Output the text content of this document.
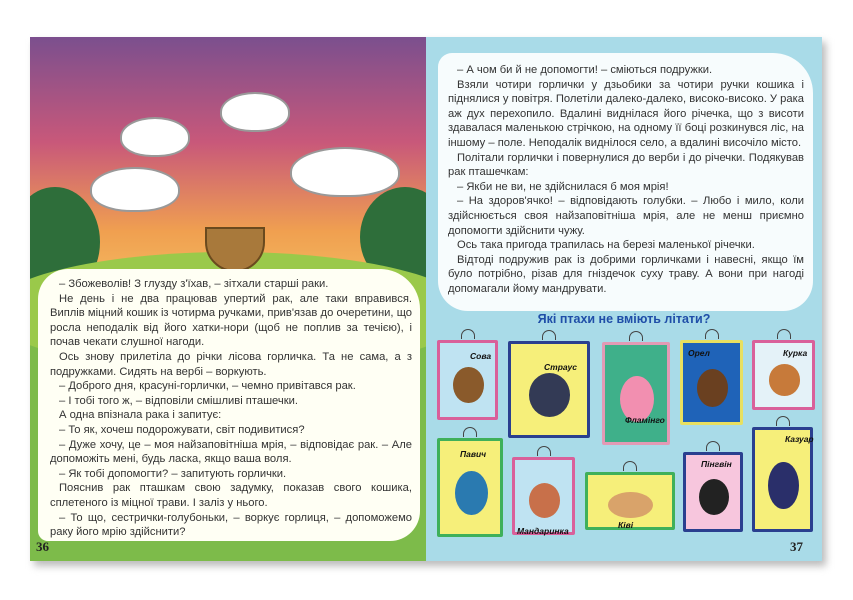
– Збожеволів! З глузду з'їхав, – зітхали старші раки.

Не день і не два працював упертий рак, але таки вправився. Виплів міцний кошик із чотирма ручками, прив'язав до очеретини, що росла неподалік від його хатки-нори (щоб не поплив за течією), і почав чекати слушної нагоди.

Ось знову прилетіла до річки лісова горличка. Та не сама, а з подружками. Сидять на вербі – воркують.

– Доброго дня, красуні-горлички, – чемно привітався рак.

– І тобі того ж, – відповіли смішливі пташечки.

А одна впізнала рака і запитує:

– То як, хочеш подорожувати, світ подивитися?

– Дуже хочу, це – моя найзаповітніша мрія, – відповідає рак. – Але допоможіть мені, будь ласка, якщо ваша воля.

– Як тобі допомогти? – запитують горлички.

Пояснив рак пташкам свою задумку, показав свого кошика, сплетеного із міцної трави. І заліз у нього.

– То що, сестрички-голубоньки, – воркує горлиця, – допоможемо раку його мрію здійснити?

36

– А чом би й не допомогти! – сміються подружки.

Взяли чотири горлички у дзьобики за чотири ручки кошика і піднялися у повітря. Полетіли далеко-далеко, високо-високо. У рака аж дух перехопило. Вдалині виднілася його річечка, що з висоти здавалася маленькою стрічкою, на одному її боці розкинувся ліс, на іншому – поле. Неподалік виднілося село, а вдалині височіло місто.

Політали горлички і повернулися до верби і до річечки. Подякував рак пташечкам:

– Якби не ви, не здійснилася б моя мрія!

– На здоров'ячко! – відповідають голубки. – Любо і мило, коли здійснюється своя найзаповітніша мрія, але не менш приємно допомогти здійснити чужу.

Ось така пригода трапилась на березі маленької річечки.

Відтоді подружив рак із добрими горличками і навесні, якщо їм було потрібно, різав для гніздечок суху траву. А вони при нагоді допомагали йому мандрувати.

Які птахи не вміють літати?
Сова
Страус
Фламінго
Орел	Курка
Павич
Мандаринка
Ківі
Пінгвін
Казуар
37
